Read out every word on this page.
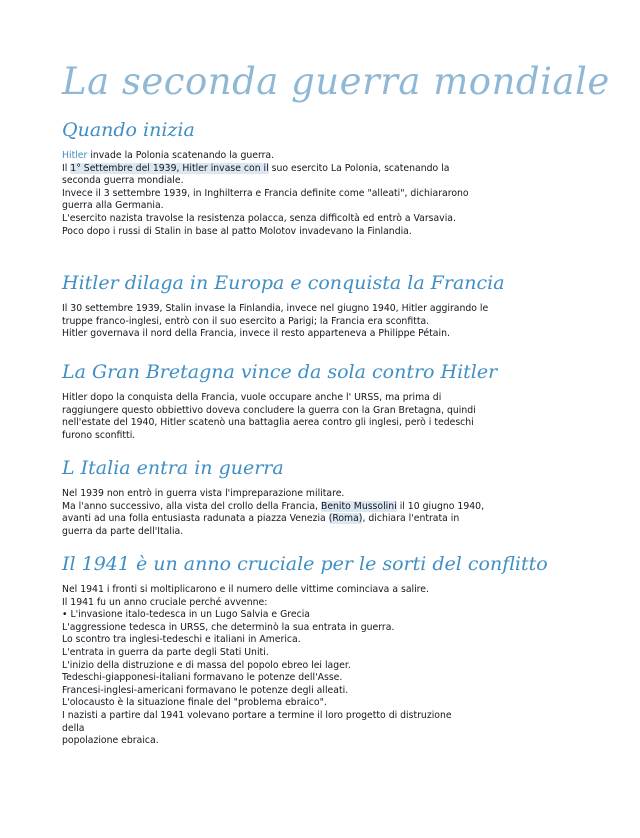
La seconda guerra mondiale
Quando inizia

Hitler invade la Polonia scatenando la guerra.
Il 1° Settembre del 1939, Hitler invase con il suo esercito La Polonia, scatenando la
seconda guerra mondiale.
Invece il 3 settembre 1939, in Inghilterra e Francia definite come "alleati", dichiararono
guerra alla Germania.
L'esercito nazista travolse la resistenza polacca, senza difficoltà ed entrò a Varsavia.
Poco dopo i russi di Stalin in base al patto Molotov invadevano la Finlandia.

Hitler dilaga in Europa e conquista la Francia

Il 30 settembre 1939, Stalin invase la Finlandia, invece nel giugno 1940, Hitler aggirando le
truppe franco-inglesi, entrò con il suo esercito a Parigi; la Francia era sconfitta.
Hitler governava il nord della Francia, invece il resto apparteneva a Philippe Pétain.

La Gran Bretagna vince da sola contro Hitler

Hitler dopo la conquista della Francia, vuole occupare anche l' URSS, ma prima di
raggiungere questo obbiettivo doveva concludere la guerra con la Gran Bretagna, quindi
nell'estate del 1940, Hitler scatenò una battaglia aerea contro gli inglesi, però i tedeschi
furono sconfitti.

L Italia entra in guerra

Nel 1939 non entrò in guerra vista l'impreparazione militare.
Ma l'anno successivo, alla vista del crollo della Francia, Benito Mussolini il 10 giugno 1940,
avanti ad una folla entusiasta radunata a piazza Venezia (Roma), dichiara l'entrata in
guerra da parte dell'Italia.

Il 1941 è un anno cruciale per le sorti del conflitto

Nel 1941 i fronti si moltiplicarono e il numero delle vittime cominciava a salire.
Il 1941 fu un anno cruciale perché avvenne:
• L'invasione italo-tedesca in un Lugo Salvia e Grecia
L'aggressione tedesca in URSS, che determinò la sua entrata in guerra.
Lo scontro tra inglesi-tedeschi e italiani in America.
L'entrata in guerra da parte degli Stati Uniti.
L'inizio della distruzione e di massa del popolo ebreo lei lager.
Tedeschi-giapponesi-italiani formavano le potenze dell'Asse.
Francesi-inglesi-americani formavano le potenze degli alleati.
L'olocausto è la situazione finale del "problema ebraico".
I nazisti a partire dal 1941 volevano portare a termine il loro progetto di distruzione
della
popolazione ebraica.
